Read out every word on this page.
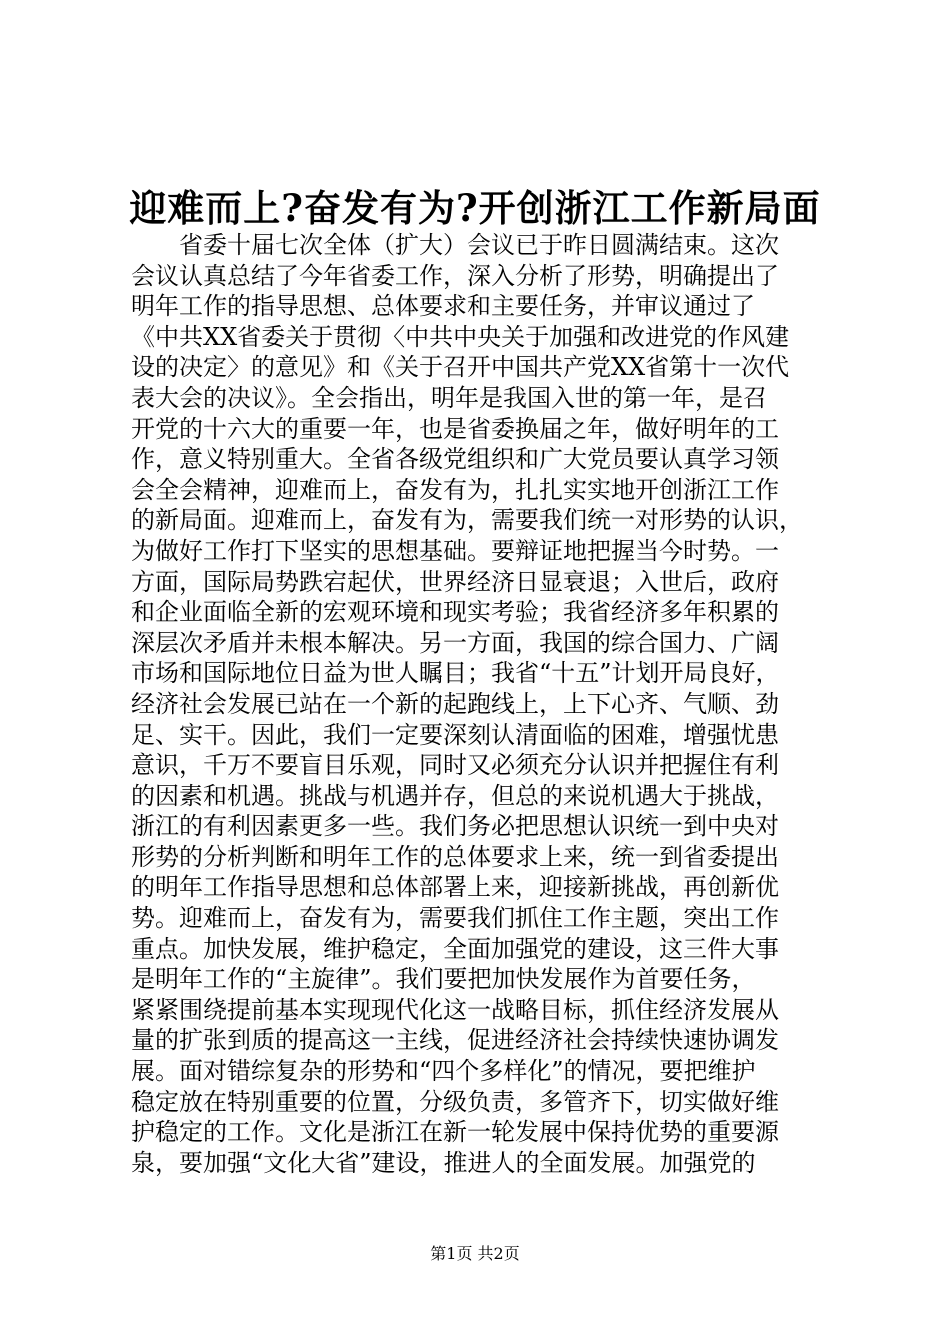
迎难而上?奋发有为?开创浙江工作新局面
省委十届七次全体（扩大）会议已于昨日圆满结束。这次
会议认真总结了今年省委工作，深入分析了形势，明确提出了
明年工作的指导思想、总体要求和主要任务，并审议通过了
《中共XX省委关于贯彻〈中共中央关于加强和改进党的作风建
设的决定〉的意见》和《关于召开中国共产党XX省第十一次代
表大会的决议》。全会指出，明年是我国入世的第一年，是召
开党的十六大的重要一年，也是省委换届之年，做好明年的工
作，意义特别重大。全省各级党组织和广大党员要认真学习领
会全会精神，迎难而上，奋发有为，扎扎实实地开创浙江工作
的新局面。迎难而上，奋发有为，需要我们统一对形势的认识，
为做好工作打下坚实的思想基础。要辩证地把握当今时势。一
方面，国际局势跌宕起伏，世界经济日显衰退；入世后，政府
和企业面临全新的宏观环境和现实考验；我省经济多年积累的
深层次矛盾并未根本解决。另一方面，我国的综合国力、广阔
市场和国际地位日益为世人瞩目；我省“十五”计划开局良好，
经济社会发展已站在一个新的起跑线上，上下心齐、气顺、劲
足、实干。因此，我们一定要深刻认清面临的困难，增强忧患
意识，千万不要盲目乐观，同时又必须充分认识并把握住有利
的因素和机遇。挑战与机遇并存，但总的来说机遇大于挑战，
浙江的有利因素更多一些。我们务必把思想认识统一到中央对
形势的分析判断和明年工作的总体要求上来，统一到省委提出
的明年工作指导思想和总体部署上来，迎接新挑战，再创新优
势。迎难而上，奋发有为，需要我们抓住工作主题，突出工作
重点。加快发展，维护稳定，全面加强党的建设，这三件大事
是明年工作的“主旋律”。我们要把加快发展作为首要任务，
紧紧围绕提前基本实现现代化这一战略目标，抓住经济发展从
量的扩张到质的提高这一主线，促进经济社会持续快速协调发
展。面对错综复杂的形势和“四个多样化”的情况，要把维护
稳定放在特别重要的位置，分级负责，多管齐下，切实做好维
护稳定的工作。文化是浙江在新一轮发展中保持优势的重要源
泉，要加强“文化大省”建设，推进人的全面发展。加强党的
第1页 共2页
